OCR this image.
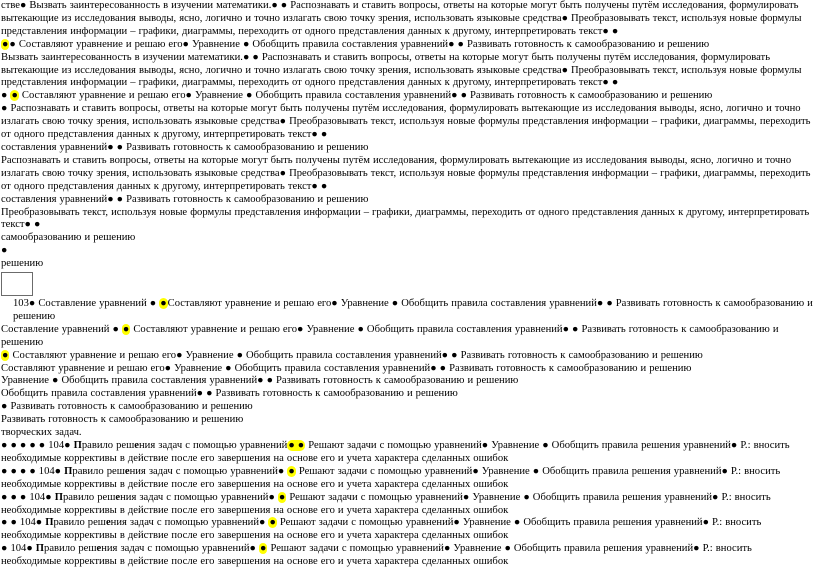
стве● Вызвать заинтересованность в изучении математики.● ● Распознавать и ставить вопросы, ответы на которые могут быть получены путём исследования, формулировать вытекающие из исследования выводы, ясно, логично и точно излагать свою точку зрения, использовать языковые средства● Преобразовывать текст, используя новые формулы представления информации – графики, диаграммы, переходить от одного представления данных к другому, интерпретировать текст● ●

●● Составляют уравнение и решаю его● Уравнение ● Обобщить правила составления уравнений● ● Развивать готовность к самообразованию и решению

Вызвать заинтересованность в изучении математики.● ● Распознавать и ставить вопросы, ответы на которые могут быть получены путём исследования, формулировать вытекающие из исследования выводы, ясно, логично и точно излагать свою точку зрения, использовать языковые средства● Преобразовывать текст, используя новые формулы представления информации – графики, диаграммы, переходить от одного представления данных к другому, интерпретировать текст● ●

● ● Составляют уравнение и решаю его● Уравнение ● Обобщить правила составления уравнений● ● Развивать готовность к самообразованию и решению

● Распознавать и ставить вопросы, ответы на которые могут быть получены путём исследования, формулировать вытекающие из исследования выводы, ясно, логично и точно излагать свою точку зрения, использовать языковые средства● Преобразовывать текст, используя новые формулы представления информации – графики, диаграммы, переходить от одного представления данных к другому, интерпретировать текст● ●

составления уравнений● ● Развивать готовность к самообразованию и решению

Распознавать и ставить вопросы, ответы на которые могут быть получены путём исследования, формулировать вытекающие из исследования выводы, ясно, логично и точно излагать свою точку зрения, использовать языковые средства● Преобразовывать текст, используя новые формулы представления информации – графики, диаграммы, переходить от одного представления данных к другому, интерпретировать текст● ●

составления уравнений● ● Развивать готовность к самообразованию и решению

Преобразовывать текст, используя новые формулы представления информации – графики, диаграммы, переходить от одного представления данных к другому, интерпретировать текст● ●

самообразованию и решению

●

решению

103● Составление уравнений ● ●Составляют уравнение и решаю его● Уравнение ● Обобщить правила составления уравнений● ● Развивать готовность к самообразованию и решению

Составление уравнений ● ● Составляют уравнение и решаю его● Уравнение ● Обобщить правила составления уравнений● ● Развивать готовность к самообразованию и решению

● Составляют уравнение и решаю его● Уравнение ● Обобщить правила составления уравнений● ● Развивать готовность к самообразованию и решению

Составляют уравнение и решаю его● Уравнение ● Обобщить правила составления уравнений● ● Развивать готовность к самообразованию и решению

Уравнение ● Обобщить правила составления уравнений● ● Развивать готовность к самообразованию и решению

Обобщить правила составления уравнений● ● Развивать готовность к самообразованию и решению

● Развивать готовность к самообразованию и решению

Развивать готовность к самообразованию и решению

творческих задач.

● ● ● ● ● 104● Правило решения задач с помощью уравнений● ● Решают задачи с помощью уравнений● Уравнение ● Обобщить правила решения уравнений● Р.: вносить необходимые коррективы в действие после его завершения на основе его и учета характера сделанных ошибок

● ● ● ● 104● Правило решения задач с помощью уравнений● ● Решают задачи с помощью уравнений● Уравнение ● Обобщить правила решения уравнений● Р.: вносить необходимые коррективы в действие после его завершения на основе его и учета характера сделанных ошибок

● ● ● 104● Правило решения задач с помощью уравнений● ● Решают задачи с помощью уравнений● Уравнение ● Обобщить правила решения уравнений● Р.: вносить необходимые коррективы в действие после его завершения на основе его и учета характера сделанных ошибок

● ● 104● Правило решения задач с помощью уравнений● ● Решают задачи с помощью уравнений● Уравнение ● Обобщить правила решения уравнений● Р.: вносить необходимые коррективы в действие после его завершения на основе его и учета характера сделанных ошибок

● 104● Правило решения задач с помощью уравнений● ● Решают задачи с помощью уравнений● Уравнение ● Обобщить правила решения уравнений● Р.: вносить необходимые коррективы в действие после его завершения на основе его и учета характера сделанных ошибок
